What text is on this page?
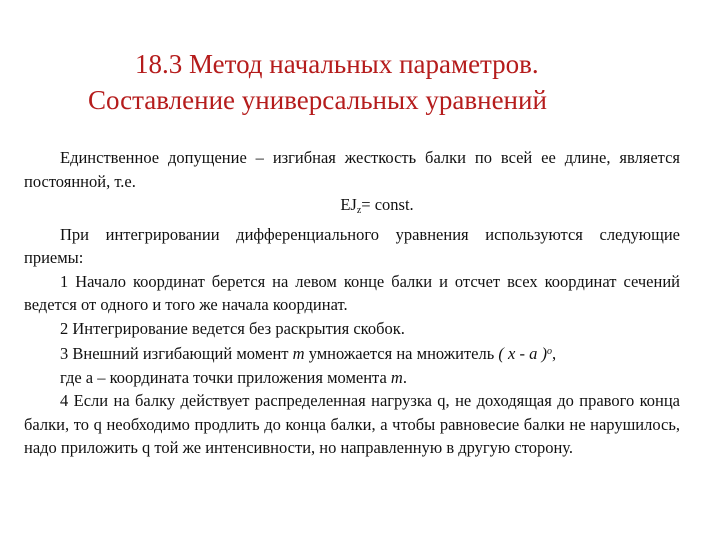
18.3 Метод начальных параметров.
Составление универсальных уравнений

Единственное допущение – изгибная жесткость балки по всей ее длине, является постоянной, т.е.

EJz= const.

При интегрировании дифференциального уравнения используются следующие приемы:

1 Начало координат берется на левом конце балки и отсчет всех координат сечений ведется от одного и того же начала координат.

2 Интегрирование ведется без раскрытия скобок.

3 Внешний изгибающий момент m умножается на множитель ( x - a )$^o$,

где а – координата точки приложения момента m.

4 Если на балку действует распределенная нагрузка q, не доходящая до правого конца балки, то q необходимо продлить до конца балки, а чтобы равновесие балки не нарушилось, надо приложить q той же интенсивности, но направленную в другую сторону.
